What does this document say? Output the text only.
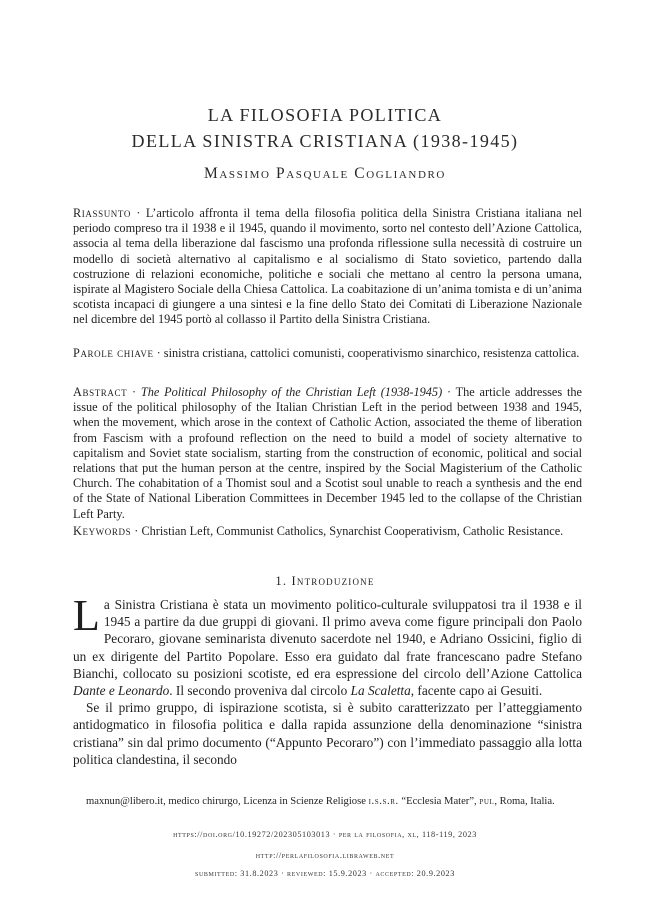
LA FILOSOFIA POLITICA
DELLA SINISTRA CRISTIANA (1938-1945)
Massimo Pasquale Cogliandro
Riassunto · L’articolo affronta il tema della filosofia politica della Sinistra Cristiana italiana nel periodo compreso tra il 1938 e il 1945, quando il movimento, sorto nel contesto dell’Azione Cattolica, associa al tema della liberazione dal fascismo una profonda riflessione sulla necessità di costruire un modello di società alternativo al capitalismo e al socialismo di Stato sovietico, partendo dalla costruzione di relazioni economiche, politiche e sociali che mettano al centro la persona umana, ispirate al Magistero Sociale della Chiesa Cattolica. La coabitazione di un’anima tomista e di un’anima scotista incapaci di giungere a una sintesi e la fine dello Stato dei Comitati di Liberazione Nazionale nel dicembre del 1945 portò al collasso il Partito della Sinistra Cristiana.
Parole chiave · sinistra cristiana, cattolici comunisti, cooperativismo sinarchico, resistenza cattolica.
Abstract · The Political Philosophy of the Christian Left (1938-1945) · The article addresses the issue of the political philosophy of the Italian Christian Left in the period between 1938 and 1945, when the movement, which arose in the context of Catholic Action, associated the theme of liberation from Fascism with a profound reflection on the need to build a model of society alternative to capitalism and Soviet state socialism, starting from the construction of economic, political and social relations that put the human person at the centre, inspired by the Social Magisterium of the Catholic Church. The cohabitation of a Thomist soul and a Scotist soul unable to reach a synthesis and the end of the State of National Liberation Committees in December 1945 led to the collapse of the Christian Left Party.
Keywords · Christian Left, Communist Catholics, Synarchist Cooperativism, Catholic Resistance.
1. Introduzione

La Sinistra Cristiana è stata un movimento politico-culturale sviluppatosi tra il 1938 e il 1945 a partire da due gruppi di giovani. Il primo aveva come figure principali don Paolo Pecoraro, giovane seminarista divenuto sacerdote nel 1940, e Adriano Ossicini, figlio di un ex dirigente del Partito Popolare. Esso era guidato dal frate francescano padre Stefano Bianchi, collocato su posizioni scotiste, ed era espressione del circolo dell’Azione Cattolica Dante e Leonardo. Il secondo proveniva dal circolo La Scaletta, facente capo ai Gesuiti.

Se il primo gruppo, di ispirazione scotista, si è subito caratterizzato per l’atteggiamento antidogmatico in filosofia politica e dalla rapida assunzione della denominazione “sinistra cristiana” sin dal primo documento (“Appunto Pecoraro”) con l’immediato passaggio alla lotta politica clandestina, il secondo

maxnun@libero.it, medico chirurgo, Licenza in Scienze Religiose i.s.s.r. “Ecclesia Mater”, pul, Roma, Italia.
https://doi.org/10.19272/202305103013 · per la filosofia, xl, 118-119, 2023
http://perlafilosofia.libraweb.net
submitted: 31.8.2023 · reviewed: 15.9.2023 · accepted: 20.9.2023
